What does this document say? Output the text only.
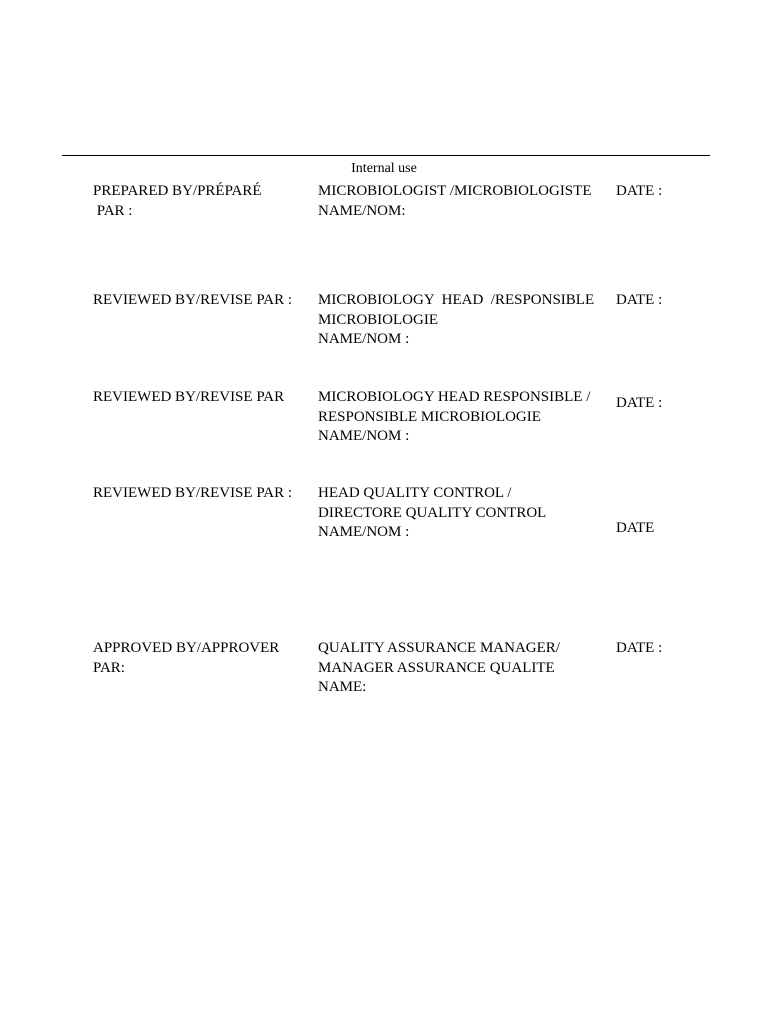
Internal use
PREPARED BY/PRÉPARÉ
PAR :
MICROBIOLOGIST /MICROBIOLOGISTE
NAME/NOM:
DATE :
REVIEWED BY/REVISE PAR : MICROBIOLOGY  HEAD  /RESPONSIBLE
MICROBIOLOGIE
NAME/NOM :
DATE :
REVIEWED BY/REVISE PAR MICROBIOLOGY HEAD RESPONSIBLE /
RESPONSIBLE MICROBIOLOGIE
NAME/NOM :
DATE :
REVIEWED BY/REVISE PAR : HEAD QUALITY CONTROL /
DIRECTORE QUALITY CONTROL
NAME/NOM :	DATE
APPROVED BY/APPROVER
PAR:
QUALITY ASSURANCE MANAGER/
MANAGER ASSURANCE QUALITE
NAME:
DATE :
